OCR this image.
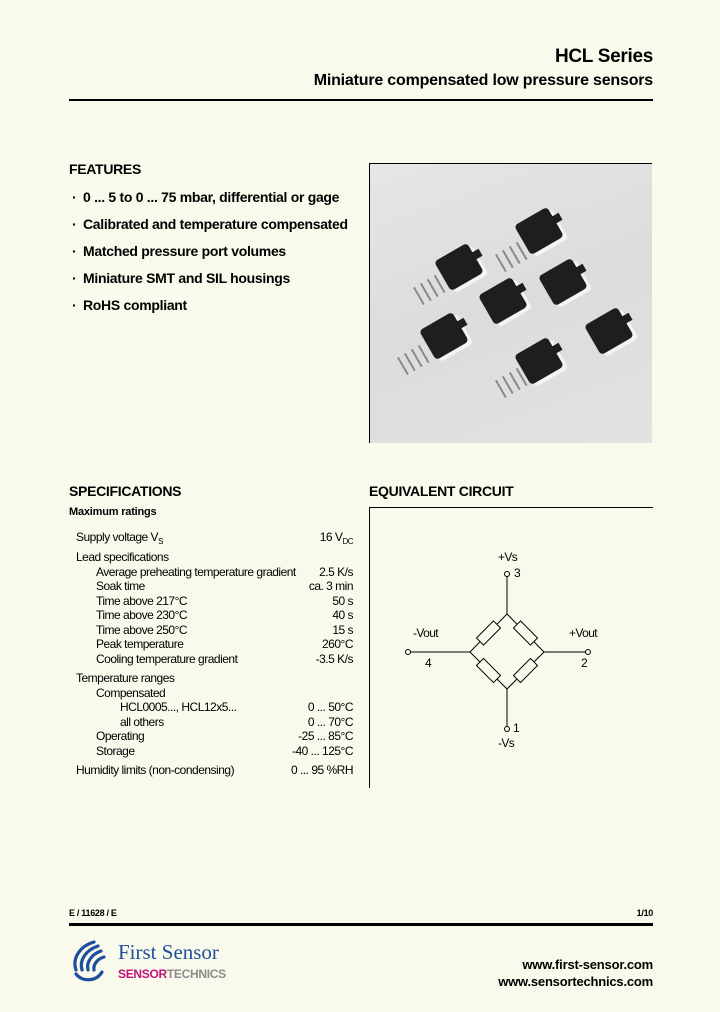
HCL Series
Miniature compensated low pressure sensors
FEATURES
· 0 ... 5 to 0 ... 75 mbar, differential or gage
· Calibrated and temperature compensated
· Matched pressure port volumes
· Miniature SMT and SIL housings
· RoHS compliant
SPECIFICATIONS
Maximum ratings
Supply voltage $V_S$	16 $V_{DC}$
Lead specifications
Average preheating temperature gradient 2.5 K/s
Soak time	ca. 3 min
Time above 217°C	50 s
Time above 230°C	40 s
Time above 250°C	15 s
Peak temperature	260°C
Cooling temperature gradient	-3.5 K/s
Temperature ranges
Compensated
HCL0005..., HCL12x5...	0 ... 50°C
all others	0 ... 70°C
Operating	-25 ... 85°C
Storage	-40 ... 125°C
Humidity limits (non-condensing)	0 ... 95 %RH
EQUIVALENT CIRCUIT
+Vs
3
-Vout
4
+Vout
2
1
-Vs
E / 11628 / E	1/10
First Sensor
SENSORTECHNICS
www.first-sensor.com
www.sensortechnics.com
